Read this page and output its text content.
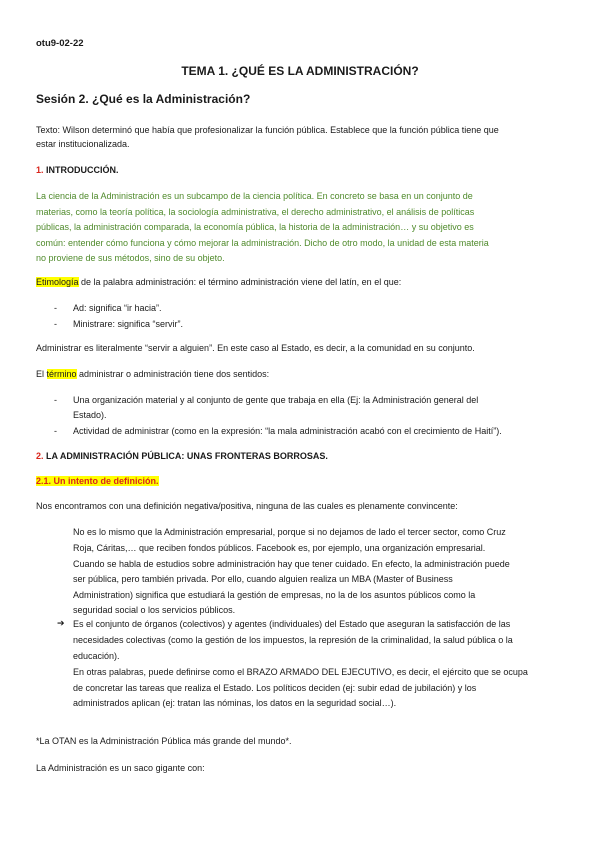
otu9-02-22
TEMA 1. ¿QUÉ ES LA ADMINISTRACIÓN?
Sesión 2. ¿Qué es la Administración?
Texto: Wilson determinó que había que profesionalizar la función pública. Establece que la función pública tiene que
estar institucionalizada.
1. INTRODUCCIÓN.
La ciencia de la Administración es un subcampo de la ciencia política. En concreto se basa en un conjunto de
materias, como la teoría política, la sociología administrativa, el derecho administrativo, el análisis de políticas
públicas, la administración comparada, la economía pública, la historia de la administración… y su objetivo es
común: entender cómo funciona y cómo mejorar la administración. Dicho de otro modo, la unidad de esta materia
no proviene de sus métodos, sino de su objeto.
Etimología de la palabra administración: el término administración viene del latín, en el que:
- Ad: significa “ir hacia”.
- Ministrare: significa “servir”.
Administrar es literalmente “servir a alguien”. En este caso al Estado, es decir, a la comunidad en su conjunto.
El término administrar o administración tiene dos sentidos:
- Una organización material y al conjunto de gente que trabaja en ella (Ej: la Administración general del
Estado).
- Actividad de administrar (como en la expresión: “la mala administración acabó con el crecimiento de Haití”).
2. LA ADMINISTRACIÓN PÚBLICA: UNAS FRONTERAS BORROSAS.
2.1. Un intento de definición.
Nos encontramos con una definición negativa/positiva, ninguna de las cuales es plenamente convincente:
No es lo mismo que la Administración empresarial, porque si no dejamos de lado el tercer sector, como Cruz
Roja, Cáritas,… que reciben fondos públicos. Facebook es, por ejemplo, una organización empresarial.
Cuando se habla de estudios sobre administración hay que tener cuidado. En efecto, la administración puede
ser pública, pero también privada. Por ello, cuando alguien realiza un MBA (Master of Business
Administration) significa que estudiará la gestión de empresas, no la de los asuntos públicos como la
seguridad social o los servicios públicos.
➔ Es el conjunto de órganos (colectivos) y agentes (individuales) del Estado que aseguran la satisfacción de las
necesidades colectivas (como la gestión de los impuestos, la represión de la criminalidad, la salud pública o la
educación).
En otras palabras, puede definirse como el BRAZO ARMADO DEL EJECUTIVO, es decir, el ejército que se ocupa
de concretar las tareas que realiza el Estado. Los políticos deciden (ej: subir edad de jubilación) y los
administrados aplican (ej: tratan las nóminas, los datos en la seguridad social…).
*La OTAN es la Administración Pública más grande del mundo*.
La Administración es un saco gigante con:
